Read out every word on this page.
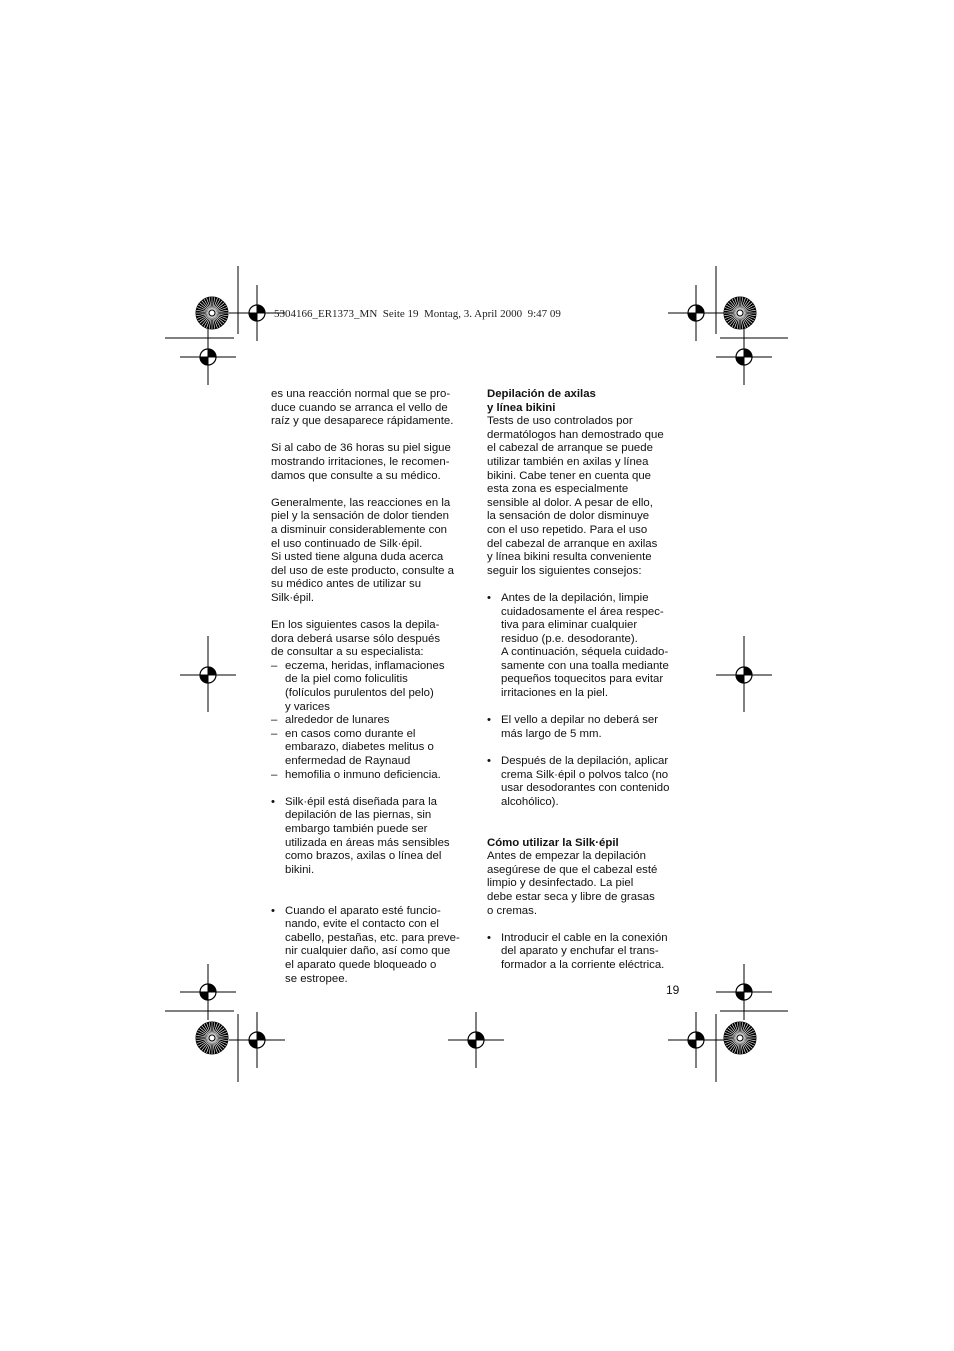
5304166_ER1373_MN  Seite 19  Montag, 3. April 2000  9:47 09

es una reacción normal que se pro-
duce cuando se arranca el vello de
raíz y que desaparece rápidamente.

Si al cabo de 36 horas su piel sigue
mostrando irritaciones, le recomen-
damos que consulte a su médico.

Generalmente, las reacciones en la
piel y la sensación de dolor tienden
a disminuir considerablemente con
el uso continuado de Silk·épil.
Si usted tiene alguna duda acerca
del uso de este producto, consulte a
su médico antes de utilizar su
Silk·épil.

En los siguientes casos la depila-
dora deberá usarse sólo después
de consultar a su especialista:

– eczema, heridas, inflamaciones
de la piel como foliculitis
(folículos purulentos del pelo)
y varices
– alrededor de lunares
– en casos como durante el
embarazo, diabetes melitus o
enfermedad de Raynaud
– hemofilia o inmuno deficiencia.
• Silk·épil está diseñada para la
depilación de las piernas, sin
embargo también puede ser
utilizada en áreas más sensibles
como brazos, axilas o línea del
bikini.
• Cuando el aparato esté funcio-
nando, evite el contacto con el
cabello, pestañas, etc. para preve-
nir cualquier daño, así como que
el aparato quede bloqueado o
se estropee.

Depilación de axilas
y línea bikini

Tests de uso controlados por
dermatólogos han demostrado que
el cabezal de arranque se puede
utilizar también en axilas y línea
bikini. Cabe tener en cuenta que
esta zona es especialmente
sensible al dolor. A pesar de ello,
la sensación de dolor disminuye
con el uso repetido. Para el uso
del cabezal de arranque en axilas
y línea bikini resulta conveniente
seguir los siguientes consejos:

• Antes de la depilación, limpie
cuidadosamente el área respec-
tiva para eliminar cualquier
residuo (p.e. desodorante).
A continuación, séquela cuidado-
samente con una toalla mediante
pequeños toquecitos para evitar
irritaciones en la piel.
• El vello a depilar no deberá ser
más largo de 5 mm.
• Después de la depilación, aplicar
crema Silk·épil o polvos talco (no
usar desodorantes con contenido
alcohólico).

Cómo utilizar la Silk·épil

Antes de empezar la depilación
asegúrese de que el cabezal esté
limpio y desinfectado. La piel
debe estar seca y libre de grasas
o cremas.

• Introducir el cable en la conexión
del aparato y enchufar el trans-
formador a la corriente eléctrica.
19
